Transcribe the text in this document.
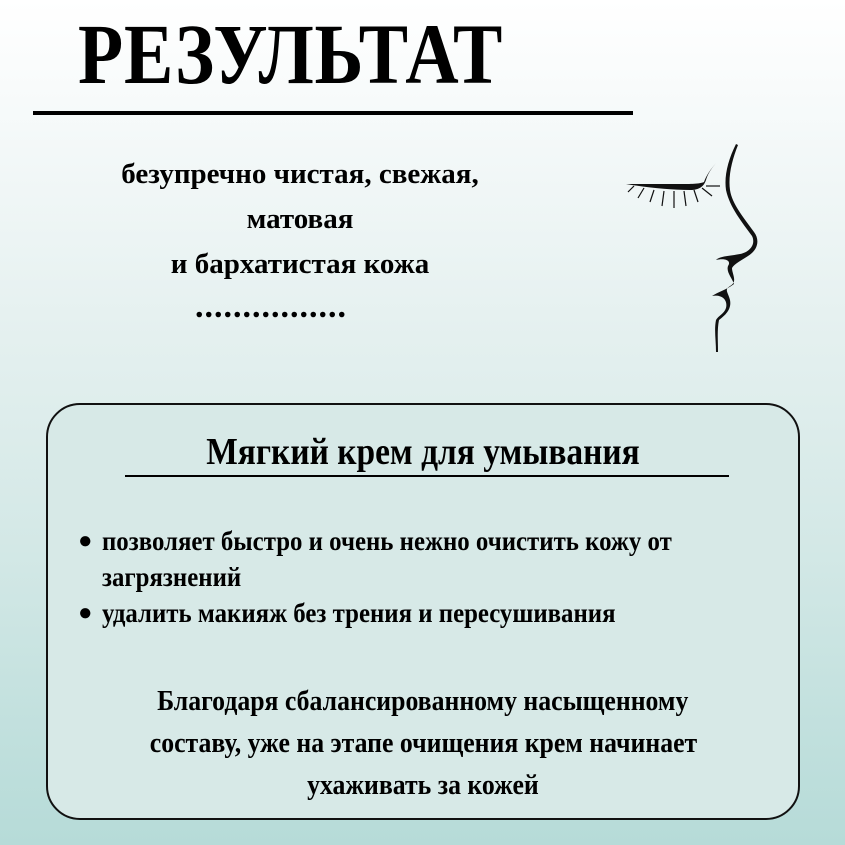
РЕЗУЛЬТАТ
безупречно чистая, свежая,
матовая
и бархатистая кожа
................
Мягкий крем для умывания
● позволяет быстро и очень нежно очистить кожу от загрязнений
● удалить макияж без трения и пересушивания
Благодаря сбалансированному насыщенному
составу, уже на этапе очищения крем начинает
ухаживать за кожей
